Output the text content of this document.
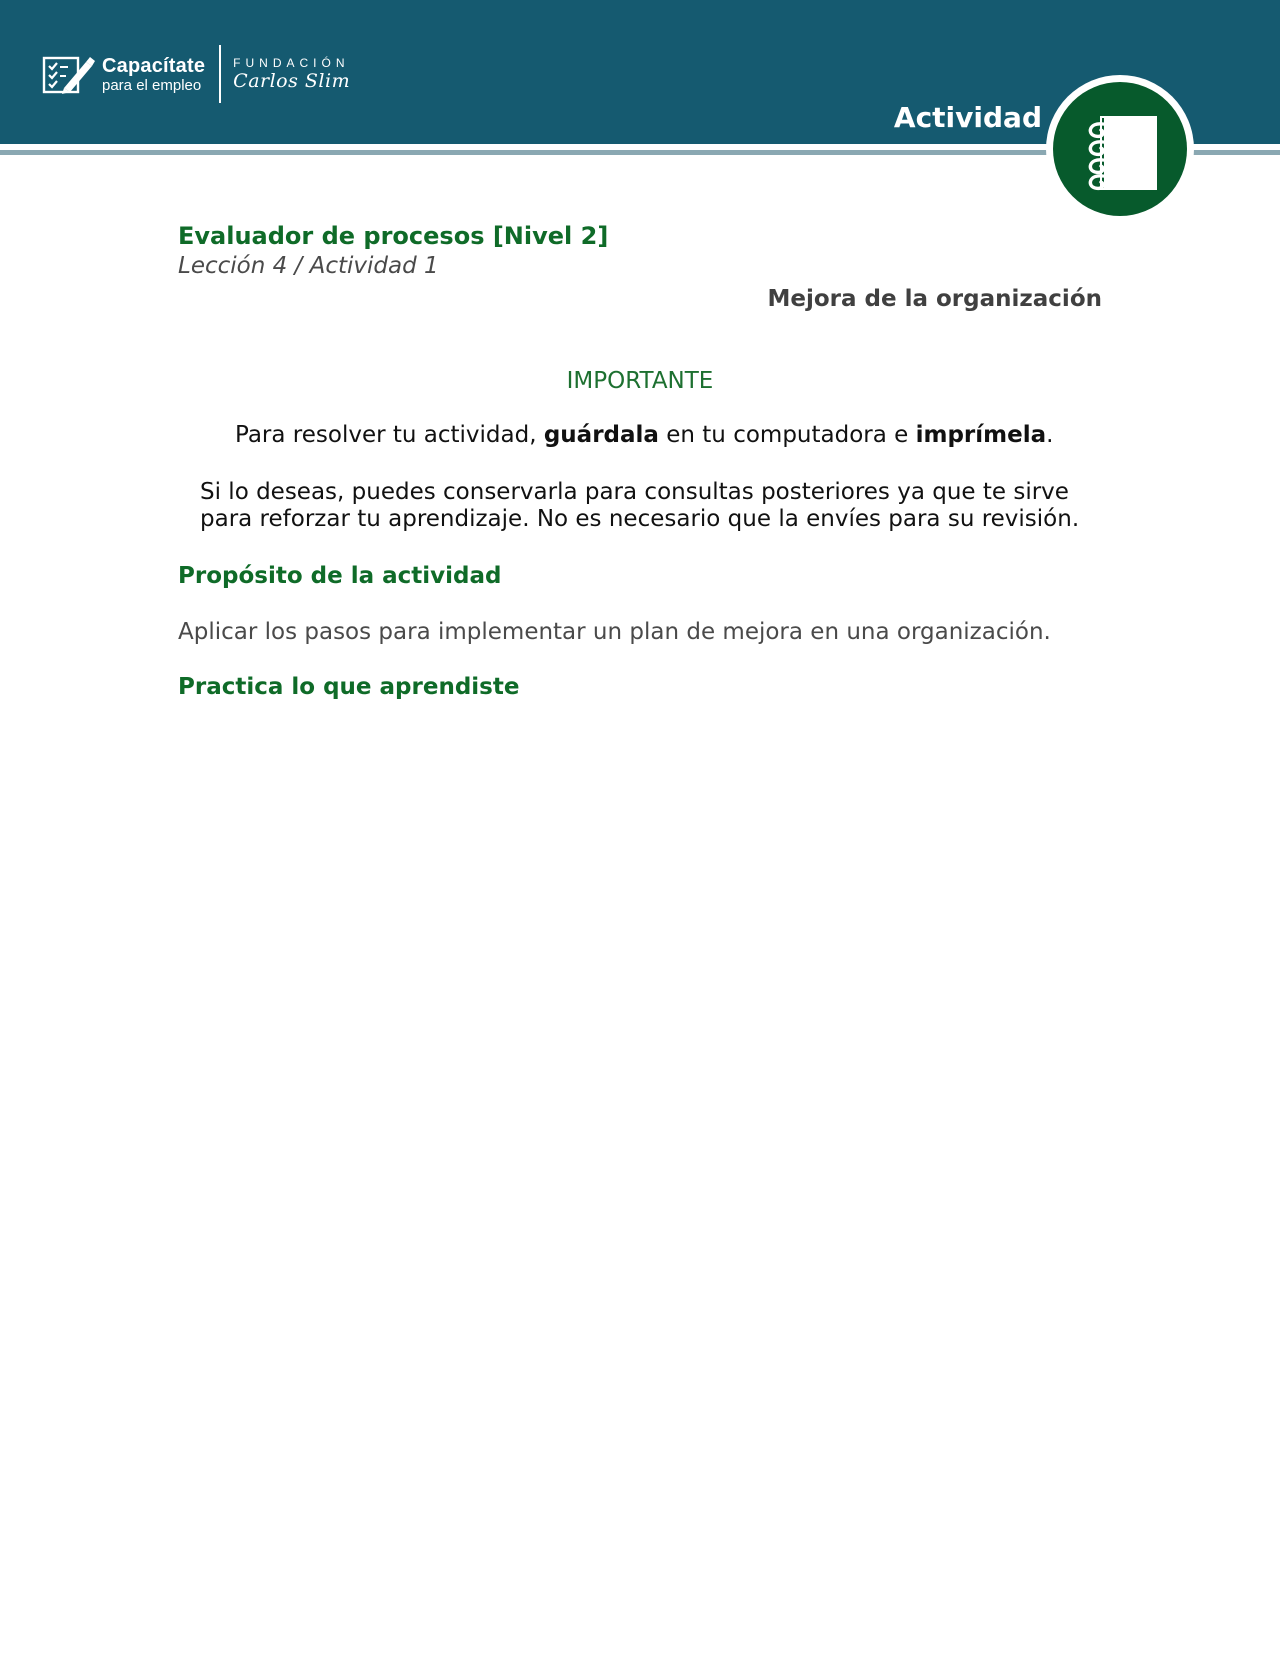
Capacítate
para el empleo
FUNDACIÓN
Carlos Slim
Actividad
Evaluador de procesos [Nivel 2]
Lección 4 / Actividad 1
Mejora de la organización
IMPORTANTE
Para resolver tu actividad, guárdala en tu computadora e imprímela.
Si lo deseas, puedes conservarla para consultas posteriores ya que te sirve para reforzar tu aprendizaje. No es necesario que la envíes para su revisión.
Propósito de la actividad
Aplicar los pasos para implementar un plan de mejora en una organización.
Practica lo que aprendiste
